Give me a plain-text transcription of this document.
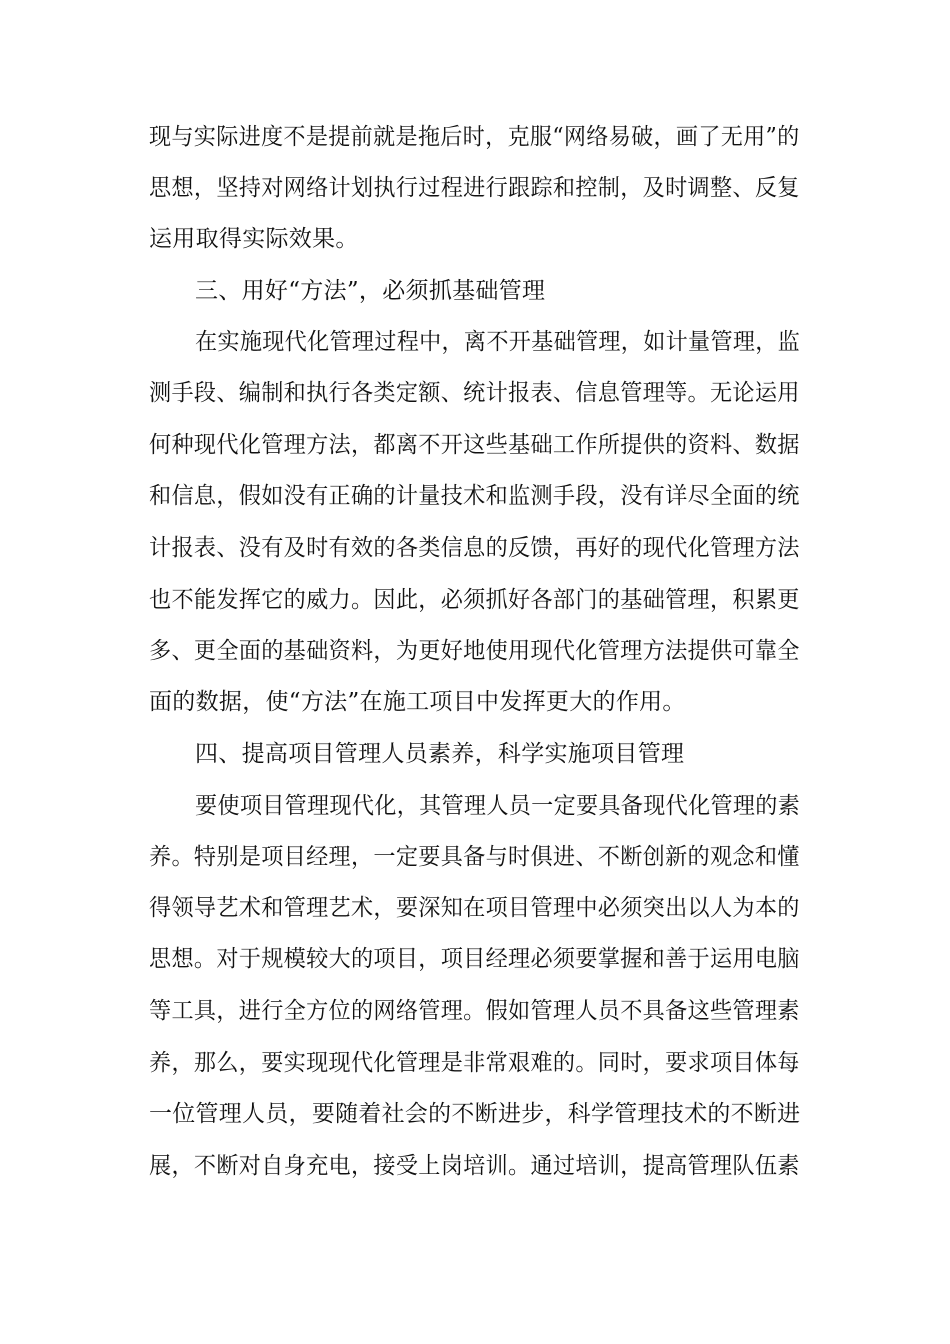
现与实际进度不是提前就是拖后时，克服“网络易破，画了无用”的
思想，坚持对网络计划执行过程进行跟踪和控制，及时调整、反复
运用取得实际效果。
三、用好“方法”，必须抓基础管理
在实施现代化管理过程中，离不开基础管理，如计量管理，监
测手段、编制和执行各类定额、统计报表、信息管理等。无论运用
何种现代化管理方法，都离不开这些基础工作所提供的资料、数据
和信息，假如没有正确的计量技术和监测手段，没有详尽全面的统
计报表、没有及时有效的各类信息的反馈，再好的现代化管理方法
也不能发挥它的威力。因此，必须抓好各部门的基础管理，积累更
多、更全面的基础资料，为更好地使用现代化管理方法提供可靠全
面的数据，使“方法”在施工项目中发挥更大的作用。
四、提高项目管理人员素养，科学实施项目管理
要使项目管理现代化，其管理人员一定要具备现代化管理的素
养。特别是项目经理，一定要具备与时俱进、不断创新的观念和懂
得领导艺术和管理艺术，要深知在项目管理中必须突出以人为本的
思想。对于规模较大的项目，项目经理必须要掌握和善于运用电脑
等工具，进行全方位的网络管理。假如管理人员不具备这些管理素
养，那么，要实现现代化管理是非常艰难的。同时，要求项目体每
一位管理人员，要随着社会的不断进步，科学管理技术的不断进
展，不断对自身充电，接受上岗培训。通过培训，提高管理队伍素
